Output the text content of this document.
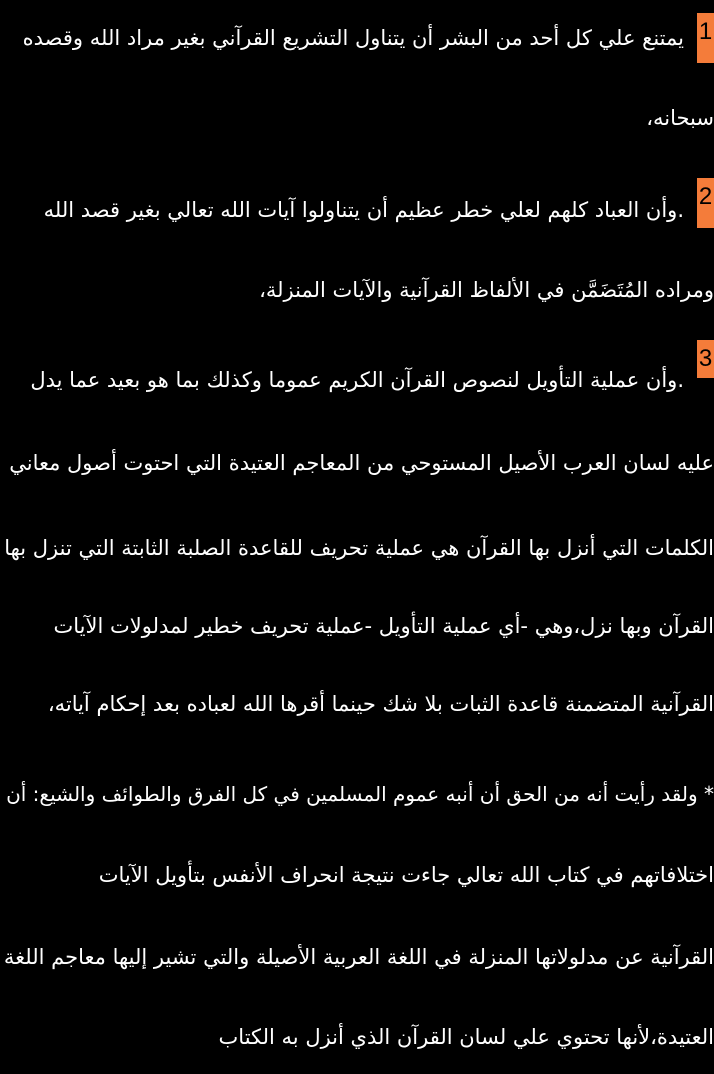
1
يمتنع علي كل أحد من البشر أن يتناول التشريع القرآني بغير مراد الله وقصده
سبحانه،
2
.وأن العباد كلهم لعلي خطر عظيم أن يتناولوا آيات الله تعالي بغير قصد الله
ومراده المُتَضَمَّن في الألفاظ القرآنية والآيات المنزلة،
3
.وأن عملية التأويل لنصوص القرآن الكريم عموما وكذلك بما هو بعيد عما يدل
عليه لسان العرب الأصيل المستوحي من المعاجم العتيدة التي احتوت أصول معاني
الكلمات التي أنزل بها القرآن هي عملية تحريف للقاعدة الصلبة الثابتة التي تنزل بها
القرآن وبها نزل،وهي -أي عملية التأويل -عملية تحريف خطير لمدلولات الآيات
القرآنية المتضمنة قاعدة الثبات بلا شك حينما أقرها الله لعباده بعد إحكام آياته،
* ولقد رأيت أنه من الحق أن أنبه عموم المسلمين في كل الفرق والطوائف والشيع: أن
اختلافاتهم في كتاب الله تعالي جاءت نتيجة انحراف الأنفس بتأويل الآيات
القرآنية عن مدلولاتها المنزلة في اللغة العربية الأصيلة والتي تشير إليها معاجم اللغة
العتيدة،لأنها تحتوي علي لسان القرآن الذي أنزل به الكتاب
